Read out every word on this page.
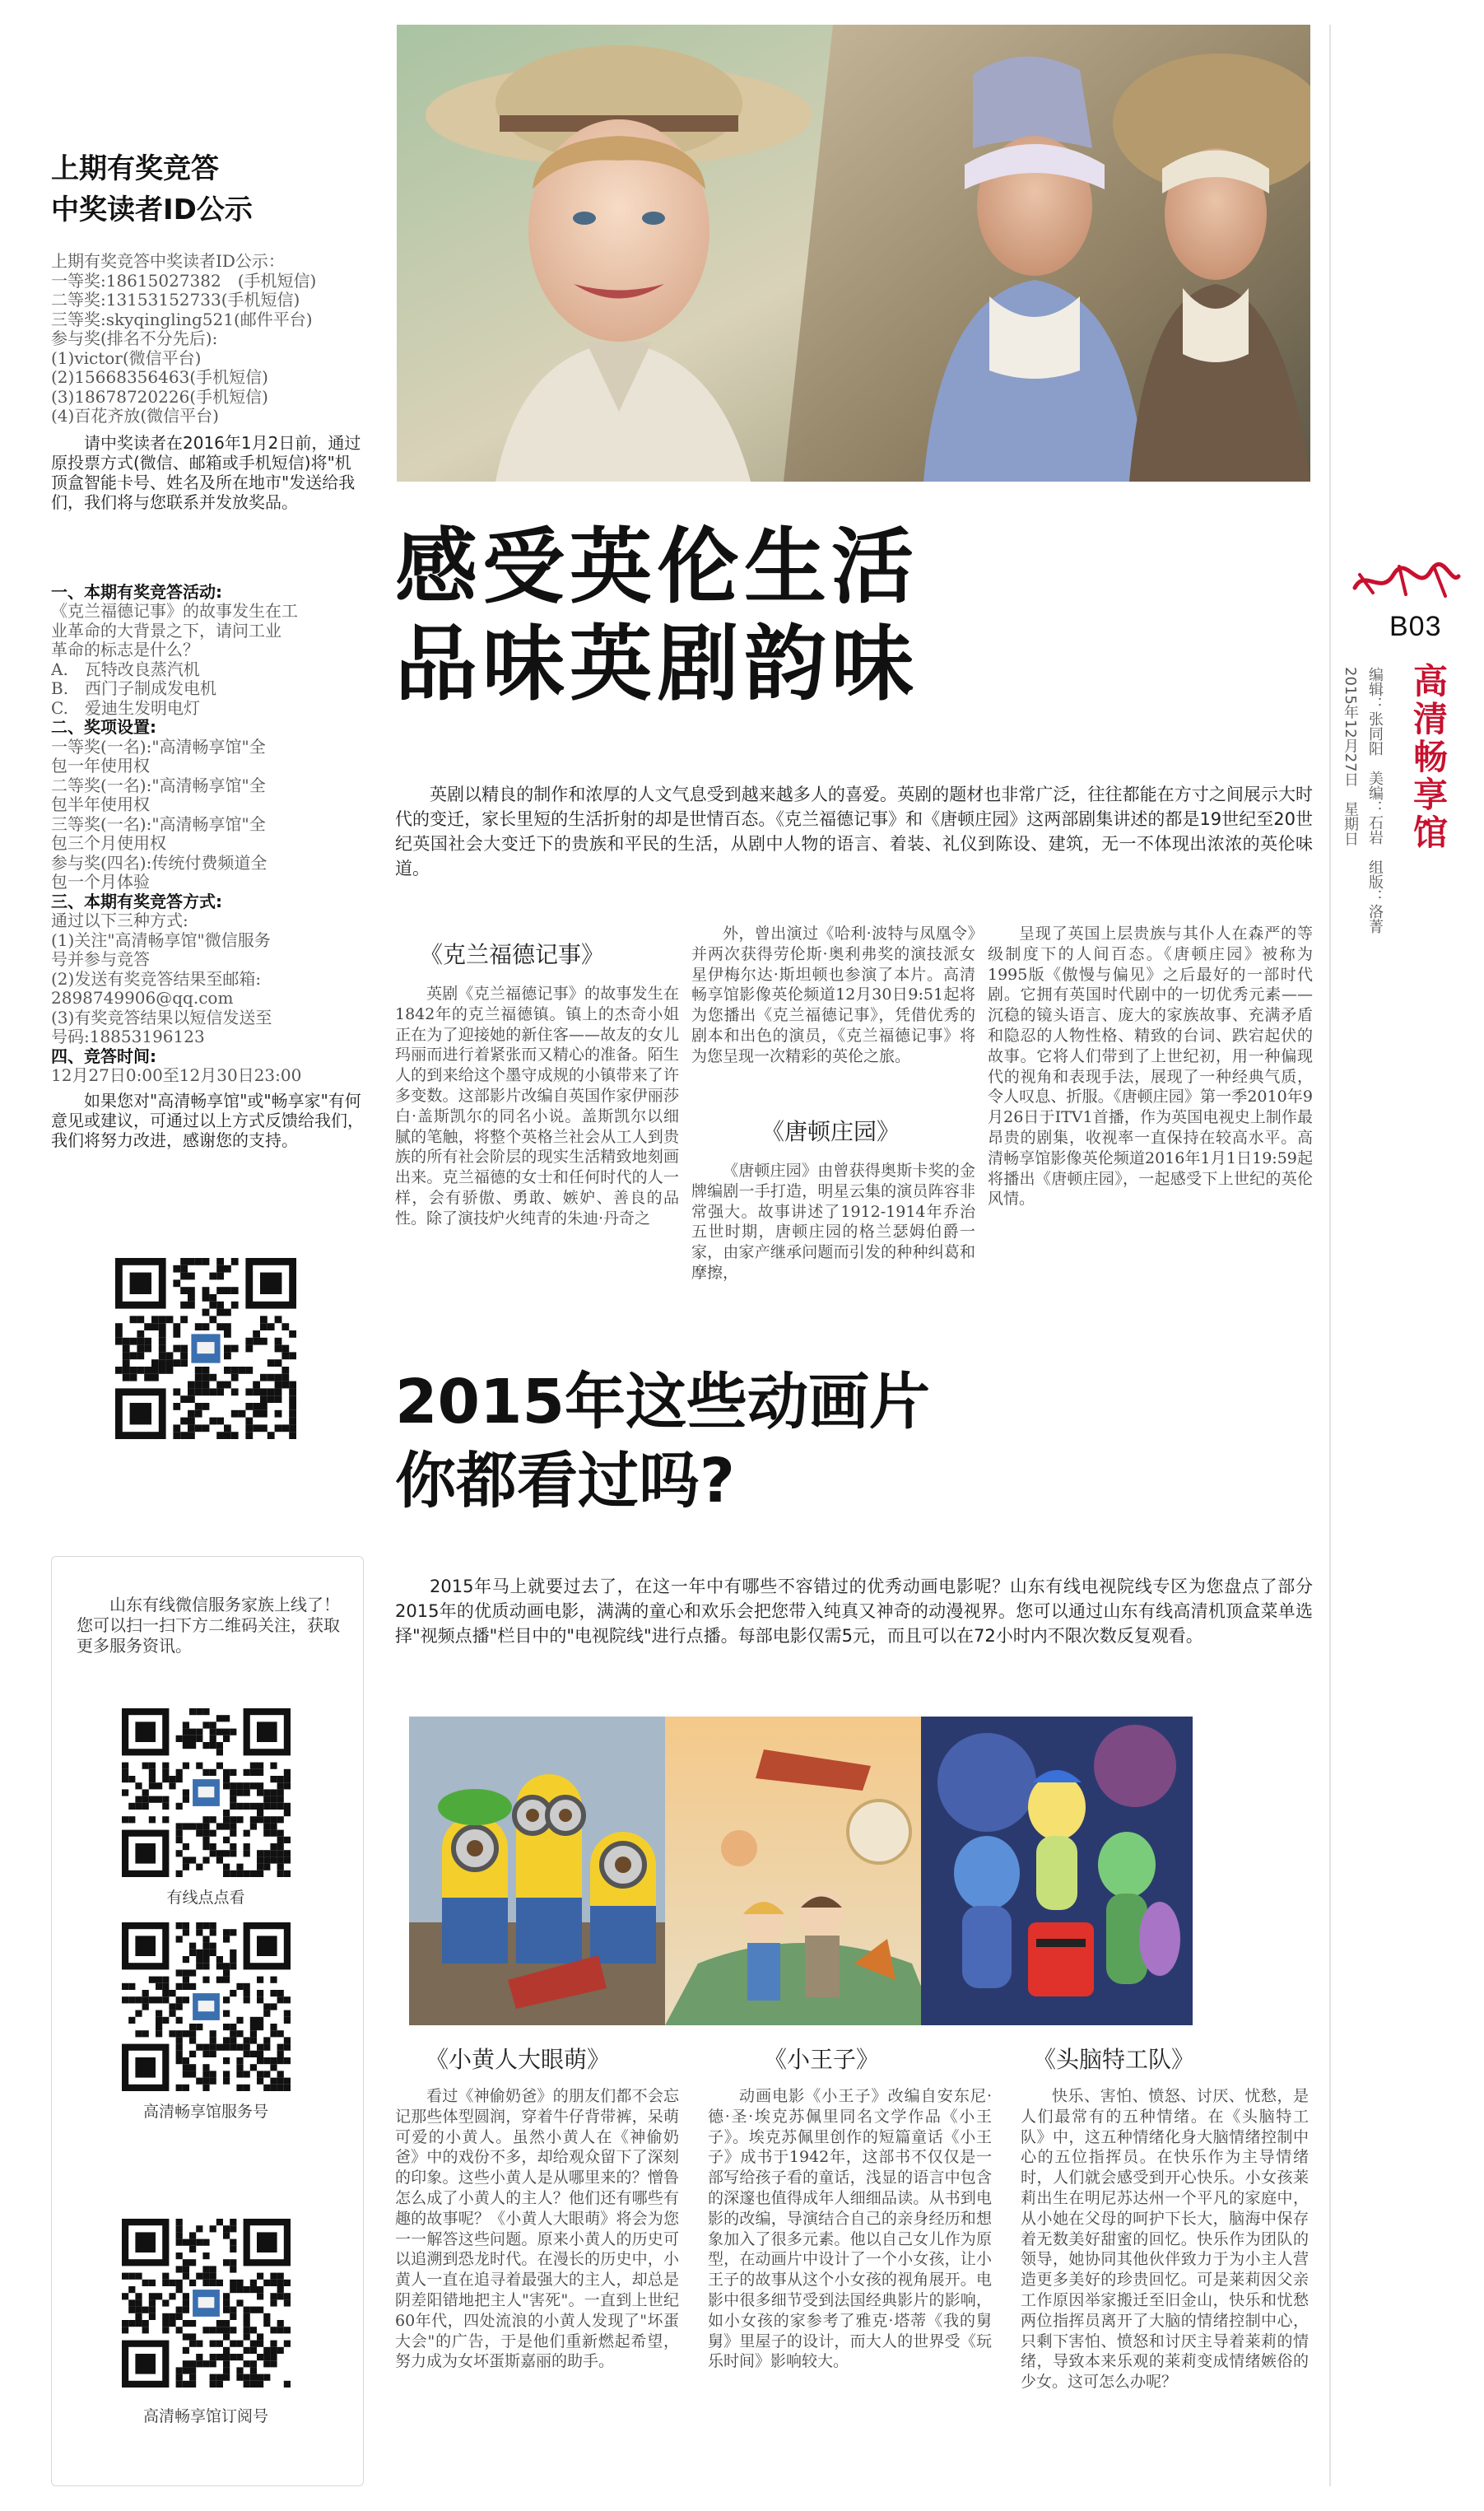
上期有奖竞答
中奖读者ID公示
上期有奖竞答中奖读者ID公示：
一等奖:18615027382　(手机短信)
二等奖:13153152733(手机短信)
三等奖:skyqingling521(邮件平台)
参与奖(排名不分先后):
(1)victor(微信平台)
(2)15668356463(手机短信)
(3)18678720226(手机短信)
(4)百花齐放(微信平台)
请中奖读者在2016年1月2日前，通过原投票方式(微信、邮箱或手机短信)将"机顶盒智能卡号、姓名及所在地市"发送给我们，我们将与您联系并发放奖品。
一、本期有奖竞答活动:
《克兰福德记事》的故事发生在工
业革命的大背景之下，请问工业
革命的标志是什么？
A.　瓦特改良蒸汽机
B.　西门子制成发电机
C.　爱迪生发明电灯
二、奖项设置:
一等奖(一名):"高清畅享馆"全
包一年使用权
二等奖(一名):"高清畅享馆"全
包半年使用权
三等奖(一名):"高清畅享馆"全
包三个月使用权
参与奖(四名):传统付费频道全
包一个月体验
三、本期有奖竞答方式:
通过以下三种方式:
(1)关注"高清畅享馆"微信服务
号并参与竞答
(2)发送有奖竞答结果至邮箱:
2898749906@qq.com
(3)有奖竞答结果以短信发送至
号码:18853196123
四、竞答时间:
12月27日0:00至12月30日23:00
如果您对"高清畅享馆"或"畅享家"有何意见或建议，可通过以上方式反馈给我们，我们将努力改进，感谢您的支持。
山东有线微信服务家族上线了！您可以扫一扫下方二维码关注，获取更多服务资讯。
有线点点看
高清畅享馆服务号
高清畅享馆订阅号
B03
2015年12月27日　星期日 编辑：张同阳　美编：石岩　组版：洛菁 高清畅享馆
感受英伦生活
品味英剧韵味
英剧以精良的制作和浓厚的人文气息受到越来越多人的喜爱。英剧的题材也非常广泛，往往都能在方寸之间展示大时代的变迁，家长里短的生活折射的却是世情百态。《克兰福德记事》和《唐顿庄园》这两部剧集讲述的都是19世纪至20世纪英国社会大变迁下的贵族和平民的生活，从剧中人物的语言、着装、礼仪到陈设、建筑，无一不体现出浓浓的英伦味道。
《克兰福德记事》
英剧《克兰福德记事》的故事发生在1842年的克兰福德镇。镇上的杰奇小姐正在为了迎接她的新住客——故友的女儿玛丽而进行着紧张而又精心的准备。陌生人的到来给这个墨守成规的小镇带来了许多变数。这部影片改编自英国作家伊丽莎白·盖斯凯尔的同名小说。盖斯凯尔以细腻的笔触，将整个英格兰社会从工人到贵族的所有社会阶层的现实生活精致地刻画出来。克兰福德的女士和任何时代的人一样，会有骄傲、勇敢、嫉妒、善良的品性。除了演技炉火纯青的朱迪·丹奇之
外，曾出演过《哈利·波特与凤凰令》并两次获得劳伦斯·奥利弗奖的演技派女星伊梅尔达·斯坦顿也参演了本片。高清畅享馆影像英伦频道12月30日9:51起将为您播出《克兰福德记事》，凭借优秀的剧本和出色的演员，《克兰福德记事》将为您呈现一次精彩的英伦之旅。
《唐顿庄园》
《唐顿庄园》由曾获得奥斯卡奖的金牌编剧一手打造，明星云集的演员阵容非常强大。故事讲述了1912-1914年乔治五世时期，唐顿庄园的格兰瑟姆伯爵一家，由家产继承问题而引发的种种纠葛和摩擦，
呈现了英国上层贵族与其仆人在森严的等级制度下的人间百态。《唐顿庄园》被称为1995版《傲慢与偏见》之后最好的一部时代剧。它拥有英国时代剧中的一切优秀元素——沉稳的镜头语言、庞大的家族故事、充满矛盾和隐忍的人物性格、精致的台词、跌宕起伏的故事。它将人们带到了上世纪初，用一种偏现代的视角和表现手法，展现了一种经典气质，令人叹息、折服。《唐顿庄园》第一季2010年9月26日于ITV1首播，作为英国电视史上制作最昂贵的剧集，收视率一直保持在较高水平。高清畅享馆影像英伦频道2016年1月1日19:59起将播出《唐顿庄园》，一起感受下上世纪的英伦风情。
2015年这些动画片
你都看过吗?
2015年马上就要过去了，在这一年中有哪些不容错过的优秀动画电影呢？山东有线电视院线专区为您盘点了部分2015年的优质动画电影，满满的童心和欢乐会把您带入纯真又神奇的动漫视界。您可以通过山东有线高清机顶盒菜单选择"视频点播"栏目中的"电视院线"进行点播。每部电影仅需5元，而且可以在72小时内不限次数反复观看。
《小黄人大眼萌》	《小王子》	《头脑特工队》
看过《神偷奶爸》的朋友们都不会忘记那些体型圆润，穿着牛仔背带裤，呆萌可爱的小黄人。虽然小黄人在《神偷奶爸》中的戏份不多，却给观众留下了深刻的印象。这些小黄人是从哪里来的？憎鲁怎么成了小黄人的主人？他们还有哪些有趣的故事呢？《小黄人大眼萌》将会为您一一解答这些问题。原来小黄人的历史可以追溯到恐龙时代。在漫长的历史中，小黄人一直在追寻着最强大的主人，却总是阴差阳错地把主人"害死"。一直到上世纪60年代，四处流浪的小黄人发现了"坏蛋大会"的广告，于是他们重新燃起希望，努力成为女坏蛋斯嘉丽的助手。
动画电影《小王子》改编自安东尼·德·圣·埃克苏佩里同名文学作品《小王子》。埃克苏佩里创作的短篇童话《小王子》成书于1942年，这部书不仅仅是一部写给孩子看的童话，浅显的语言中包含的深邃也值得成年人细细品读。从书到电影的改编，导演结合自己的亲身经历和想象加入了很多元素。他以自己女儿作为原型，在动画片中设计了一个小女孩，让小王子的故事从这个小女孩的视角展开。电影中很多细节受到法国经典影片的影响，如小女孩的家参考了雅克·塔蒂《我的舅舅》里屋子的设计，而大人的世界受《玩乐时间》影响较大。
快乐、害怕、愤怒、讨厌、忧愁，是人们最常有的五种情绪。在《头脑特工队》中，这五种情绪化身大脑情绪控制中心的五位指挥员。在快乐作为主导情绪时，人们就会感受到开心快乐。小女孩莱莉出生在明尼苏达州一个平凡的家庭中，从小她在父母的呵护下长大，脑海中保存着无数美好甜蜜的回忆。快乐作为团队的领导，她协同其他伙伴致力于为小主人营造更多美好的珍贵回忆。可是莱莉因父亲工作原因举家搬迁至旧金山，快乐和忧愁两位指挥员离开了大脑的情绪控制中心，只剩下害怕、愤怒和讨厌主导着莱莉的情绪，导致本来乐观的莱莉变成情绪嫉俗的少女。这可怎么办呢？
